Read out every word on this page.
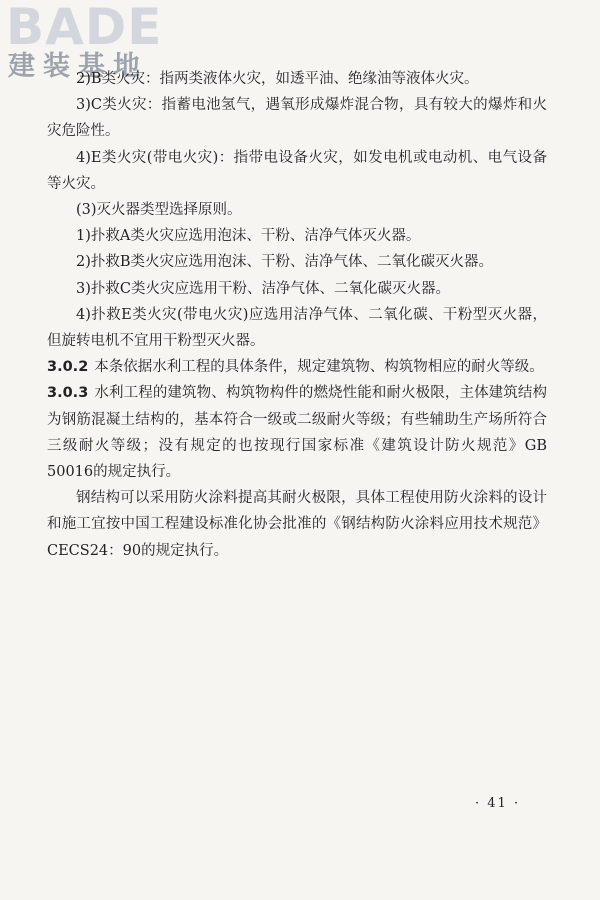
BADE
建装基地

2)B类火灾：指两类液体火灾，如透平油、绝缘油等液体火灾。

3)C类火灾：指蓄电池氢气，遇氧形成爆炸混合物，具有较大的爆炸和火灾危险性。

4)E类火灾(带电火灾)：指带电设备火灾，如发电机或电动机、电气设备等火灾。

(3)灭火器类型选择原则。

1)扑救A类火灾应选用泡沫、干粉、洁净气体灭火器。

2)扑救B类火灾应选用泡沫、干粉、洁净气体、二氧化碳灭火器。

3)扑救C类火灾应选用干粉、洁净气体、二氧化碳灭火器。

4)扑救E类火灾(带电火灾)应选用洁净气体、二氧化碳、干粉型灭火器，但旋转电机不宜用干粉型灭火器。

3.0.2 本条依据水利工程的具体条件，规定建筑物、构筑物相应的耐火等级。

3.0.3 水利工程的建筑物、构筑物构件的燃烧性能和耐火极限，主体建筑结构为钢筋混凝土结构的，基本符合一级或二级耐火等级；有些辅助生产场所符合三级耐火等级；没有规定的也按现行国家标准《建筑设计防火规范》GB 50016的规定执行。

钢结构可以采用防火涂料提高其耐火极限，具体工程使用防火涂料的设计和施工宜按中国工程建设标准化协会批准的《钢结构防火涂料应用技术规范》CECS24：90的规定执行。

· 41 ·
